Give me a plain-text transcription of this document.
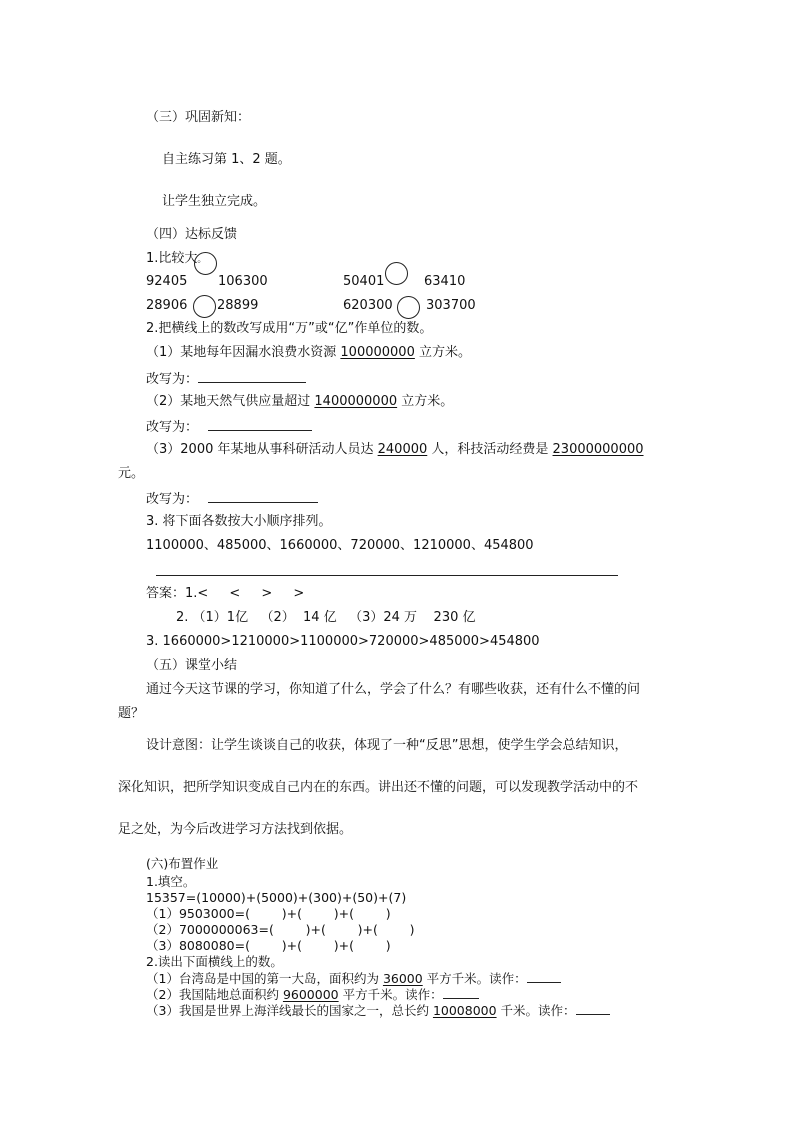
（三）巩固新知：
自主练习第 1、2 题。
让学生独立完成。
（四）达标反馈
1.比较大。
92405 106300	50401	63410
28906 28899	620300	303700
2.把横线上的数改写成用“万”或“亿”作单位的数。
（1）某地每年因漏水浪费水资源 100000000 立方米。
改写为：
（2）某地天然气供应量超过 1400000000 立方米。
改写为：
（3）2000 年某地从事科研活动人员达 240000 人，科技活动经费是 23000000000
元。
改写为：
3. 将下面各数按大小顺序排列。
1100000、485000、1660000、720000、1210000、454800
答案：1.< < > >
2. （1）1亿   （2）  14 亿   （3）24 万    230 亿
3. 1660000>1210000>1100000>720000>485000>454800
（五）课堂小结
通过今天这节课的学习，你知道了什么，学会了什么？有哪些收获，还有什么不懂的问
题？
设计意图：让学生谈谈自己的收获，体现了一种“反思”思想，使学生学会总结知识，
深化知识，把所学知识变成自己内在的东西。讲出还不懂的问题，可以发现教学活动中的不
足之处，为今后改进学习方法找到依据。
(六)布置作业
1.填空。
15357=(10000)+(5000)+(300)+(50)+(7)
（1）9503000=(        )+(        )+(        )
（2）7000000063=(        )+(        )+(        )
（3）8080080=(        )+(        )+(        )
2.读出下面横线上的数。
（1）台湾岛是中国的第一大岛，面积约为 36000 平方千米。读作：
（2）我国陆地总面积约 9600000 平方千米。读作：
（3）我国是世界上海洋线最长的国家之一，总长约 10008000 千米。读作：
